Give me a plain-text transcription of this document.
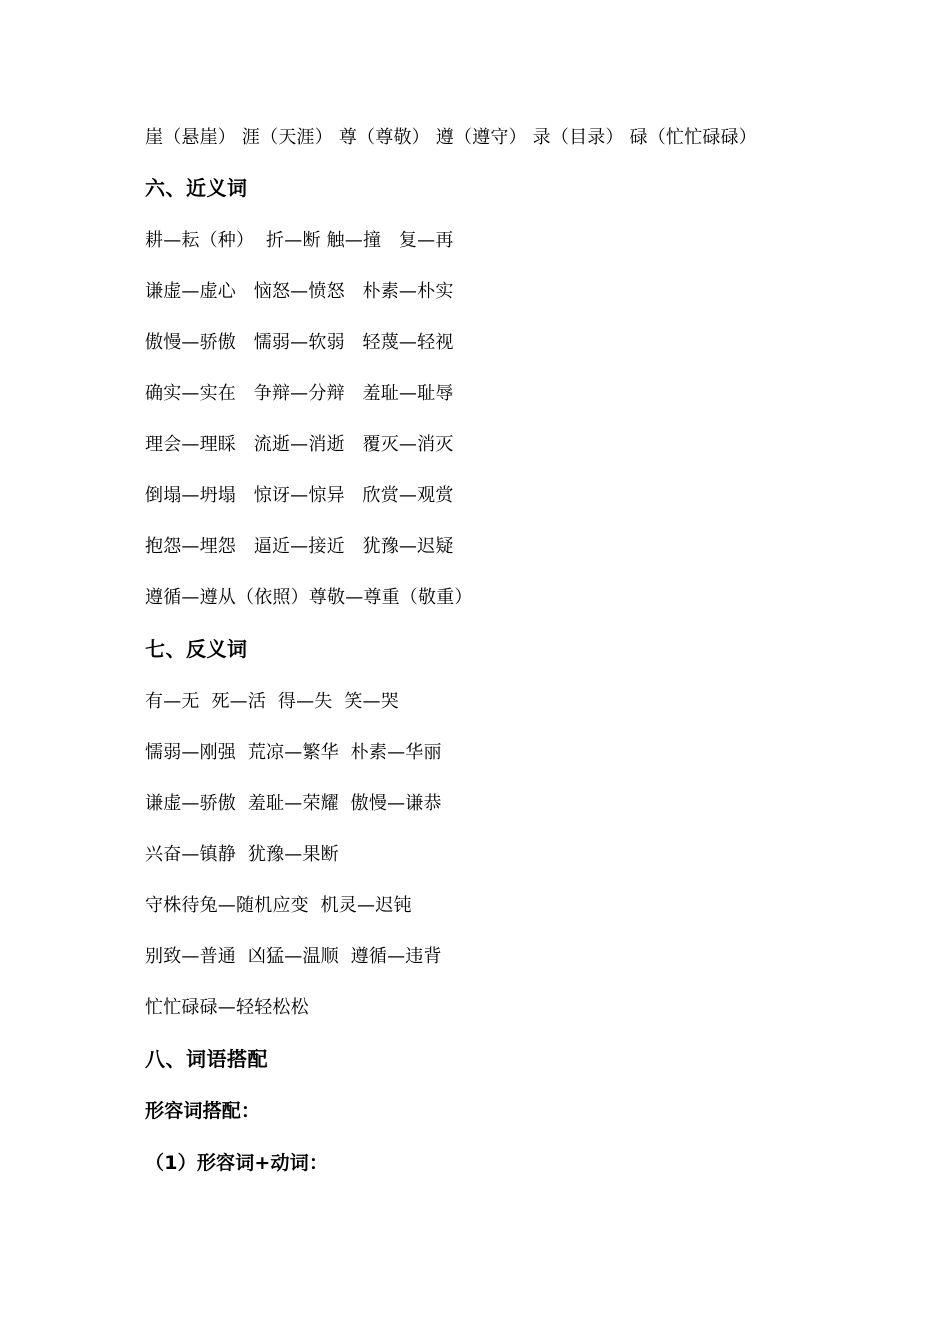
崖（悬崖） 涯（天涯） 尊（尊敬） 遵（遵守） 录（目录） 碌（忙忙碌碌）
六、近义词
耕—耘（种）  折—断 触—撞   复—再
谦虚—虚心   恼怒—愤怒   朴素—朴实
傲慢—骄傲   懦弱—软弱   轻蔑—轻视
确实—实在   争辩—分辩   羞耻—耻辱
理会—理睬   流逝—消逝   覆灭—消灭
倒塌—坍塌   惊讶—惊异   欣赏—观赏
抱怨—埋怨   逼近—接近   犹豫—迟疑
遵循—遵从（依照）尊敬—尊重（敬重）
七、反义词
有—无  死—活  得—失  笑—哭
懦弱—刚强  荒凉—繁华  朴素—华丽
谦虚—骄傲  羞耻—荣耀  傲慢—谦恭
兴奋—镇静  犹豫—果断
守株待兔—随机应变  机灵—迟钝
别致—普通  凶猛—温顺  遵循—违背
忙忙碌碌—轻轻松松
八、词语搭配
形容词搭配：
（1）形容词+动词：
